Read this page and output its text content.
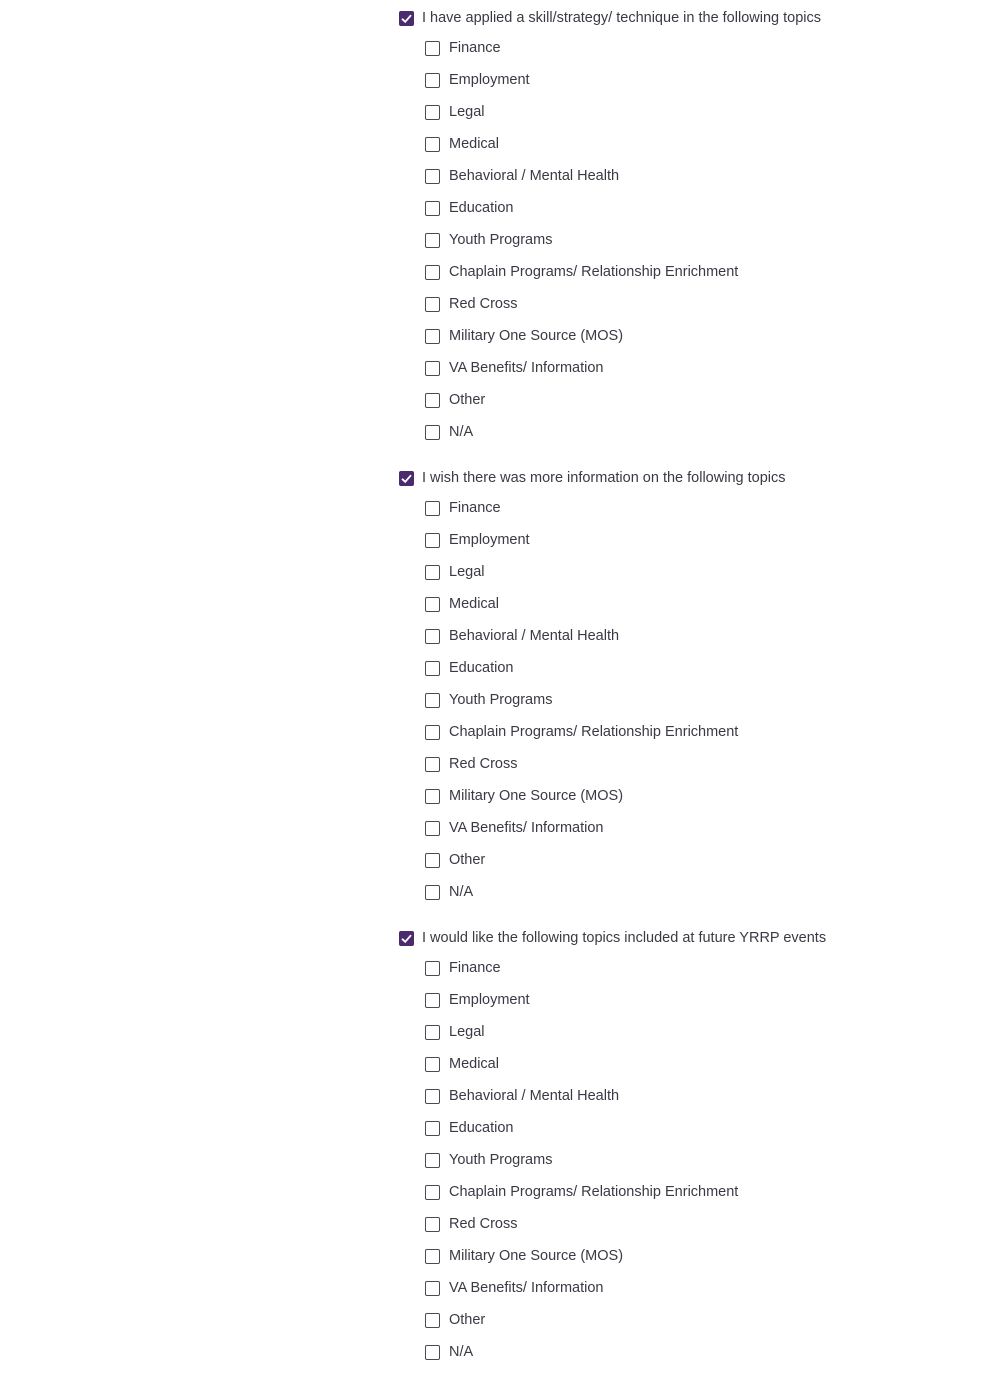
I have applied a skill/strategy/ technique in the following topics
Finance
Employment
Legal
Medical
Behavioral / Mental Health
Education
Youth Programs
Chaplain Programs/ Relationship Enrichment
Red Cross
Military One Source (MOS)
VA Benefits/ Information
Other
N/A
I wish there was more information on the following topics
Finance
Employment
Legal
Medical
Behavioral / Mental Health
Education
Youth Programs
Chaplain Programs/ Relationship Enrichment
Red Cross
Military One Source (MOS)
VA Benefits/ Information
Other
N/A
I would like the following topics included at future YRRP events
Finance
Employment
Legal
Medical
Behavioral / Mental Health
Education
Youth Programs
Chaplain Programs/ Relationship Enrichment
Red Cross
Military One Source (MOS)
VA Benefits/ Information
Other
N/A
